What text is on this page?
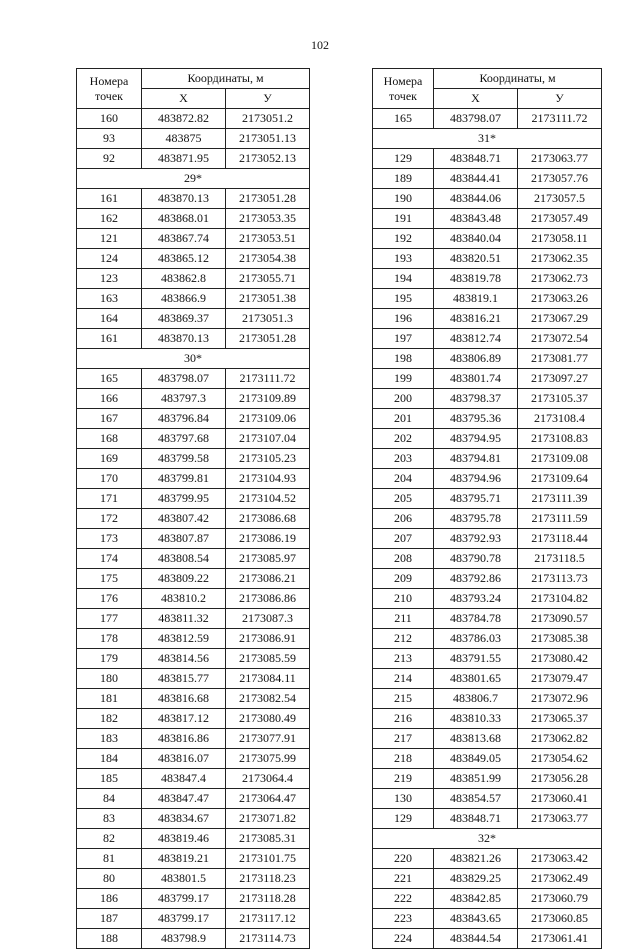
102
Номера
точек	Координаты, м	
	X	У
160	483872.82	2173051.2
93	483875	2173051.13
92	483871.95	2173052.13
29*		
161	483870.13	2173051.28
162	483868.01	2173053.35
121	483867.74	2173053.51
124	483865.12	2173054.38
123	483862.8	2173055.71
163	483866.9	2173051.38
164	483869.37	2173051.3
161	483870.13	2173051.28
30*		
165	483798.07	2173111.72
166	483797.3	2173109.89
167	483796.84	2173109.06
168	483797.68	2173107.04
169	483799.58	2173105.23
170	483799.81	2173104.93
171	483799.95	2173104.52
172	483807.42	2173086.68
173	483807.87	2173086.19
174	483808.54	2173085.97
175	483809.22	2173086.21
176	483810.2	2173086.86
177	483811.32	2173087.3
178	483812.59	2173086.91
179	483814.56	2173085.59
180	483815.77	2173084.11
181	483816.68	2173082.54
182	483817.12	2173080.49
183	483816.86	2173077.91
184	483816.07	2173075.99
185	483847.4	2173064.4
84	483847.47	2173064.47
83	483834.67	2173071.82
82	483819.46	2173085.31
81	483819.21	2173101.75
80	483801.5	2173118.23
186	483799.17	2173118.28
187	483799.17	2173117.12
188	483798.9	2173114.73
Номера
точек	Координаты, м	
	X	У
165	483798.07	2173111.72
31*		
129	483848.71	2173063.77
189	483844.41	2173057.76
190	483844.06	2173057.5
191	483843.48	2173057.49
192	483840.04	2173058.11
193	483820.51	2173062.35
194	483819.78	2173062.73
195	483819.1	2173063.26
196	483816.21	2173067.29
197	483812.74	2173072.54
198	483806.89	2173081.77
199	483801.74	2173097.27
200	483798.37	2173105.37
201	483795.36	2173108.4
202	483794.95	2173108.83
203	483794.81	2173109.08
204	483794.96	2173109.64
205	483795.71	2173111.39
206	483795.78	2173111.59
207	483792.93	2173118.44
208	483790.78	2173118.5
209	483792.86	2173113.73
210	483793.24	2173104.82
211	483784.78	2173090.57
212	483786.03	2173085.38
213	483791.55	2173080.42
214	483801.65	2173079.47
215	483806.7	2173072.96
216	483810.33	2173065.37
217	483813.68	2173062.82
218	483849.05	2173054.62
219	483851.99	2173056.28
130	483854.57	2173060.41
129	483848.71	2173063.77
32*		
220	483821.26	2173063.42
221	483829.25	2173062.49
222	483842.85	2173060.79
223	483843.65	2173060.85
224	483844.54	2173061.41
